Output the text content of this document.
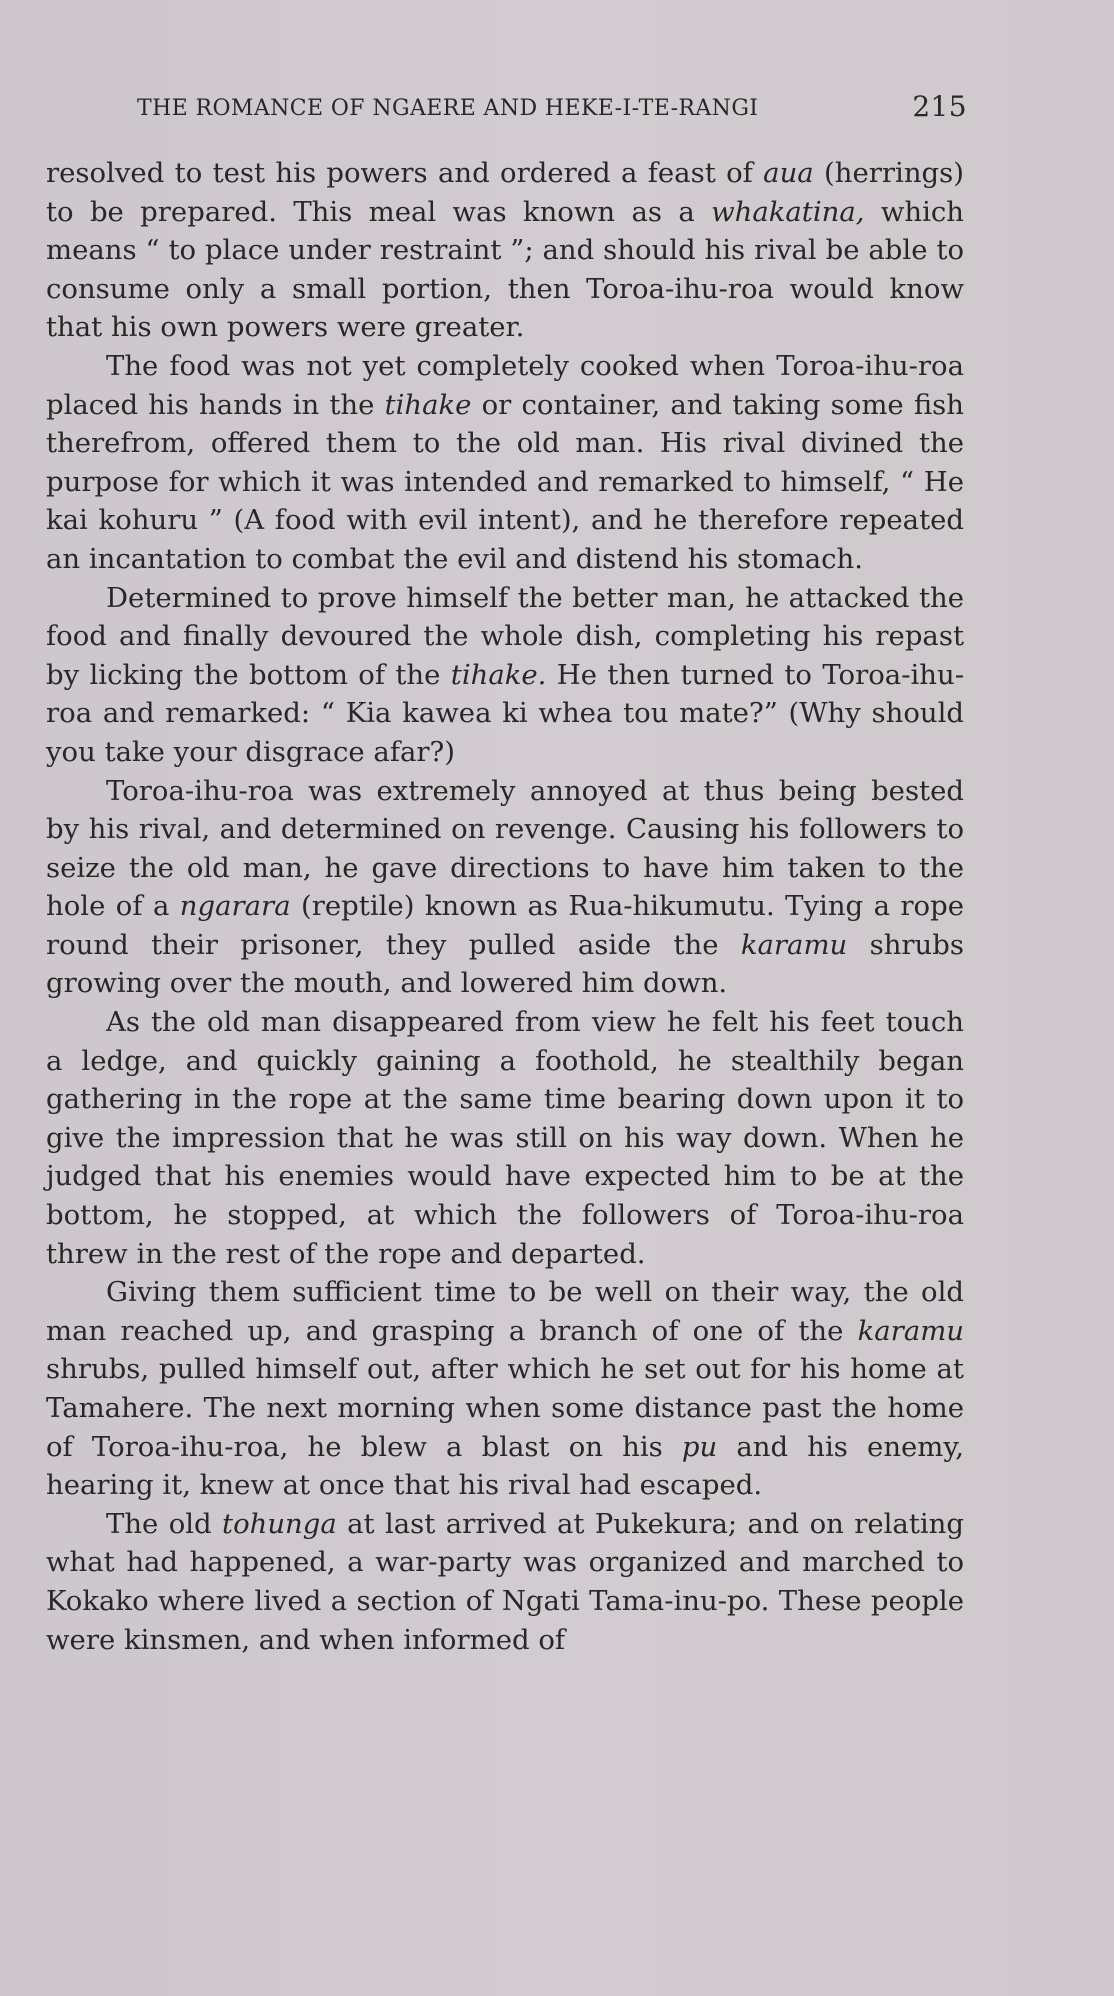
THE ROMANCE OF NGAERE AND HEKE-I-TE-RANGI	215

resolved to test his powers and ordered a feast of aua (herrings) to be prepared. This meal was known as a whakatina, which means “ to place under restraint ”; and should his rival be able to consume only a small portion, then Toroa-ihu-roa would know that his own powers were greater.

The food was not yet completely cooked when Toroa-ihu-roa placed his hands in the tihake or container, and taking some fish therefrom, offered them to the old man. His rival divined the purpose for which it was intended and remarked to himself, “ He kai kohuru ” (A food with evil intent), and he therefore repeated an incantation to combat the evil and distend his stomach.

Determined to prove himself the better man, he attacked the food and finally devoured the whole dish, completing his repast by licking the bottom of the tihake. He then turned to Toroa-ihu-roa and remarked: “ Kia kawea ki whea tou mate?” (Why should you take your disgrace afar?)

Toroa-ihu-roa was extremely annoyed at thus being bested by his rival, and determined on revenge. Causing his followers to seize the old man, he gave directions to have him taken to the hole of a ngarara (reptile) known as Rua-hikumutu. Tying a rope round their prisoner, they pulled aside the karamu shrubs growing over the mouth, and lowered him down.

As the old man disappeared from view he felt his feet touch a ledge, and quickly gaining a foothold, he stealthily began gathering in the rope at the same time bearing down upon it to give the impression that he was still on his way down. When he judged that his enemies would have expected him to be at the bottom, he stopped, at which the followers of Toroa-ihu-roa threw in the rest of the rope and departed.

Giving them sufficient time to be well on their way, the old man reached up, and grasping a branch of one of the karamu shrubs, pulled himself out, after which he set out for his home at Tamahere. The next morning when some distance past the home of Toroa-ihu-roa, he blew a blast on his pu and his enemy, hearing it, knew at once that his rival had escaped.

The old tohunga at last arrived at Pukekura; and on relating what had happened, a war-party was organized and marched to Kokako where lived a section of Ngati Tama-inu-po. These people were kinsmen, and when informed of
